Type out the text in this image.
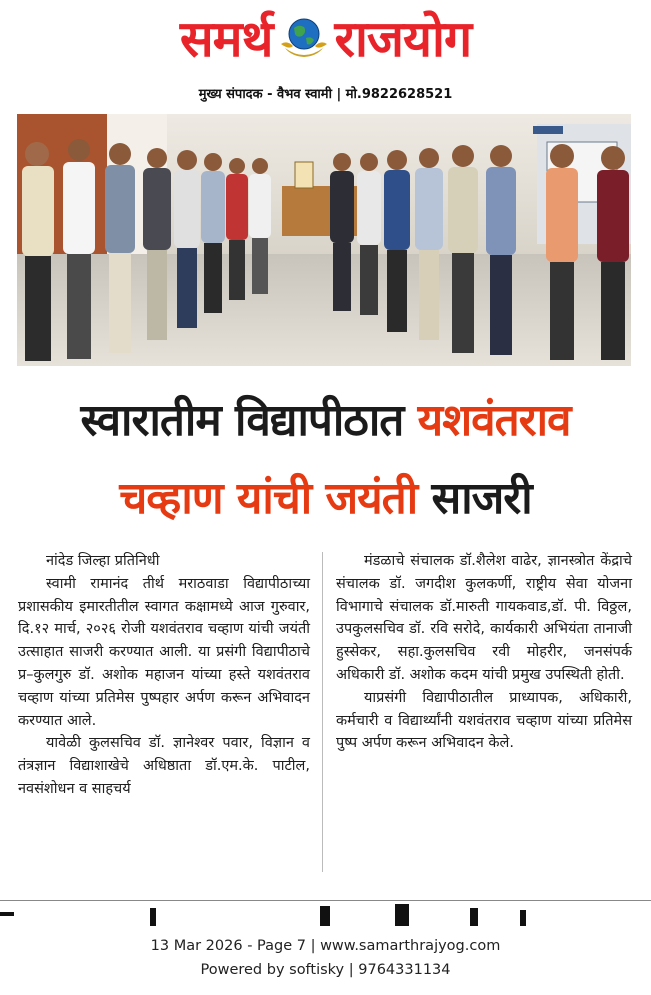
समर्थ राजयोग
मुख्य संपादक - वैभव स्वामी | मो.9822628521
स्वारातीम विद्यापीठात यशवंतराव
चव्हाण यांची जयंती साजरी

नांदेड जिल्हा प्रतिनिधी

स्वामी रामानंद तीर्थ मराठवाडा विद्यापीठाच्या प्रशासकीय इमारतीतील स्वागत कक्षामध्ये आज गुरुवार, दि.१२ मार्च, २०२६ रोजी यशवंतराव चव्हाण यांची जयंती उत्साहात साजरी करण्यात आली. या प्रसंगी विद्यापीठाचे प्र–कुलगुरु डॉ. अशोक महाजन यांच्या हस्ते यशवंतराव चव्हाण यांच्या प्रतिमेस पुष्पहार अर्पण करून अभिवादन करण्यात आले.

यावेळी कुलसचिव डॉ. ज्ञानेश्वर पवार, विज्ञान व तंत्रज्ञान विद्याशाखेचे अधिष्ठाता डॉ.एम.के. पाटील, नवसंशोधन व साहचर्य

मंडळाचे संचालक डॉ.शैलेश वाढेर, ज्ञानस्त्रोत केंद्राचे संचालक डॉ. जगदीश कुलकर्णी, राष्ट्रीय सेवा योजना विभागाचे संचालक डॉ.मारुती गायकवाड,डॉ. पी. विठ्ठल, उपकुलसचिव डॉ. रवि सरोदे, कार्यकारी अभियंता तानाजी हुस्सेकर, सहा.कुलसचिव रवी मोहरीर, जनसंपर्क अधिकारी डॉ. अशोक कदम यांची प्रमुख उपस्थिती होती.

याप्रसंगी विद्यापीठातील प्राध्यापक, अधिकारी, कर्मचारी व विद्यार्थ्यांनी यशवंतराव चव्हाण यांच्या प्रतिमेस पुष्प अर्पण करून अभिवादन केले.

13 Mar 2026 - Page 7 | www.samarthrajyog.com
Powered by softisky | 9764331134
